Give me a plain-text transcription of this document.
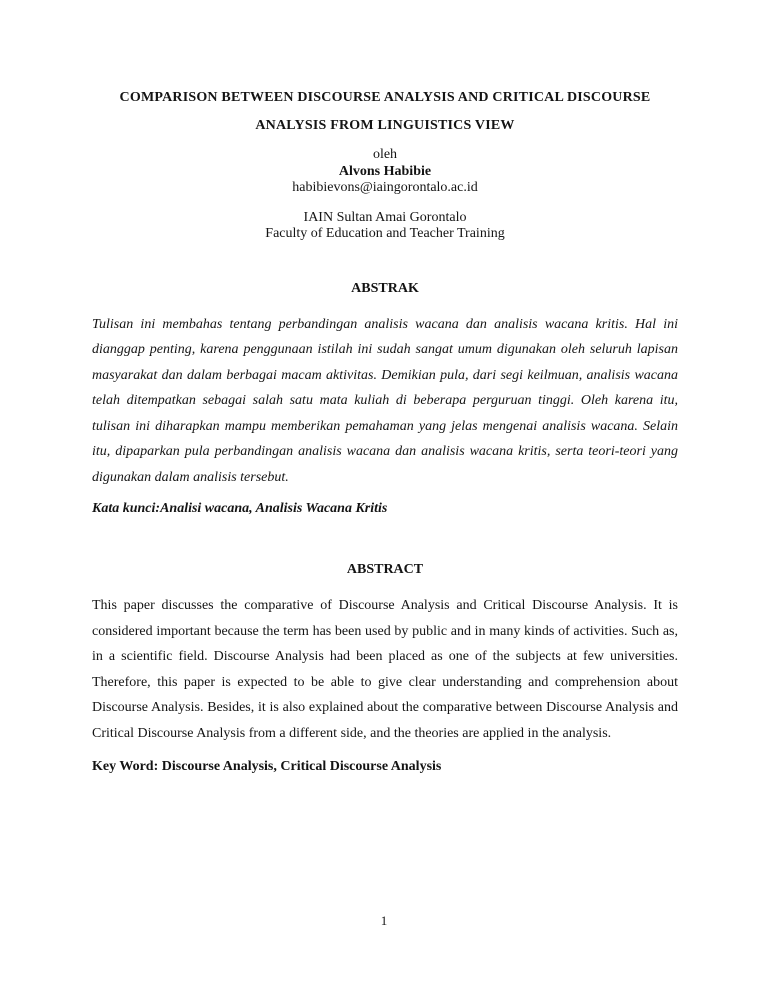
COMPARISON BETWEEN DISCOURSE ANALYSIS AND CRITICAL DISCOURSE
ANALYSIS FROM LINGUISTICS VIEW
oleh
Alvons Habibie
habibievons@iaingorontalo.ac.id
IAIN Sultan Amai Gorontalo
Faculty of Education and Teacher Training
ABSTRAK
Tulisan ini membahas tentang perbandingan analisis wacana dan analisis wacana kritis. Hal ini dianggap penting, karena penggunaan istilah ini sudah sangat umum digunakan oleh seluruh lapisan masyarakat dan dalam berbagai macam aktivitas. Demikian pula, dari segi keilmuan, analisis wacana telah ditempatkan sebagai salah satu mata kuliah di beberapa perguruan tinggi. Oleh karena itu, tulisan ini diharapkan mampu memberikan pemahaman yang jelas mengenai analisis wacana. Selain itu, dipaparkan pula perbandingan analisis wacana dan analisis wacana kritis, serta teori-teori yang digunakan dalam analisis tersebut.
Kata kunci:Analisi wacana, Analisis Wacana Kritis
ABSTRACT
This paper discusses the comparative of Discourse Analysis and Critical Discourse Analysis. It is considered important because the term has been used by public and in many kinds of activities. Such as, in a scientific field. Discourse Analysis had been placed as one of the subjects at few universities. Therefore, this paper is expected to be able to give clear understanding and comprehension about Discourse Analysis. Besides, it is also explained about the comparative between Discourse Analysis and Critical Discourse Analysis from a different side, and the theories are applied in the analysis.
Key Word: Discourse Analysis, Critical Discourse Analysis
1
